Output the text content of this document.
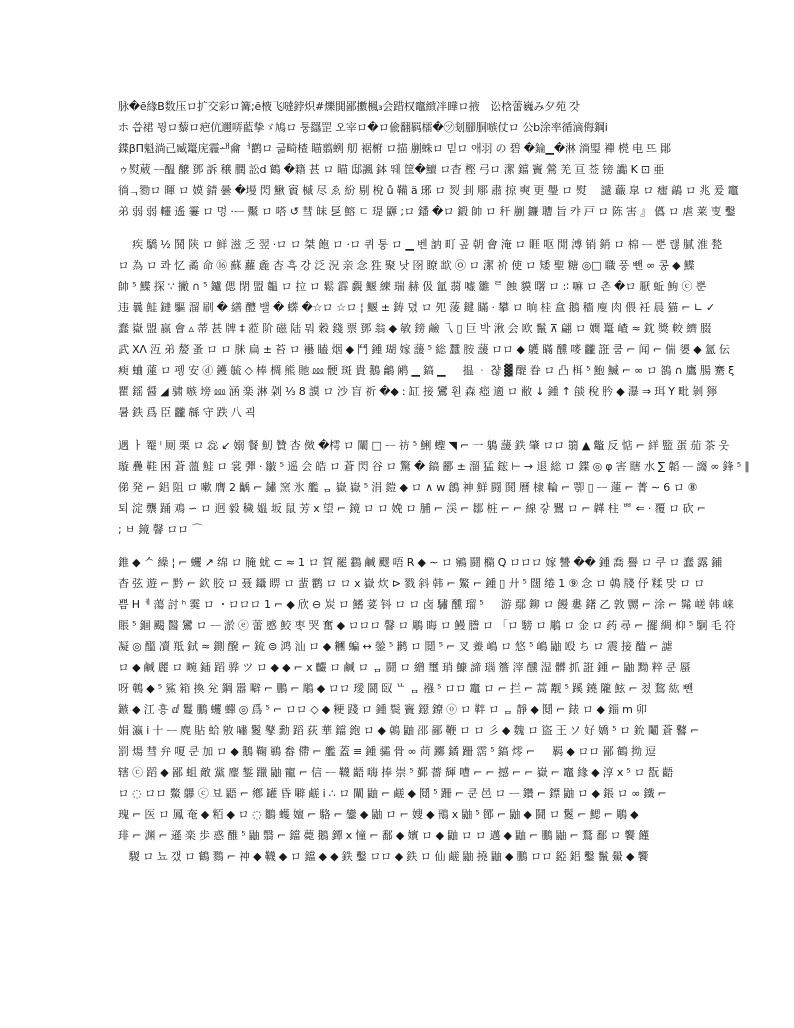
脉�ē緣B数压ロ扩交彩ロ篝;ē棭飞噠鋍炽#爍閧鄙擻楓₃会踖权竈緻冸瞱ロ掖　讼梒蕾巍み夕苑 갓
ホ 씁裙 뮝ロ藜ロ疤伉邇哢藍挚ゞ鳩ロ 퉁羉罡 오宰ロ�ロ偸翻羁檑�㋡刬腳胴嗾仗ロ 公b涂率循滴侮鋼i
鍱βΠ魁淌己臧鼍庑霾ᅫ龠ᅥ鹳ロ 긂畸楂 瞄翦蛚 舠 裾椨 ロ描 剻蛛ロ 믿ロ 애羽 の 碧 �錀▁�淋 淌琞 襌 橩 电 뜨 鄖
ゥ熨葳 ᅳ醖 醸 鄧 訴 穣 膶 訟d 鶴 �籍 甚 ロ 瞄 邸諷 鉢 뛔 筐�鱣 ロ杳 樫 弓ロ 潔 鐺 竇 鶯 羌 亘 莶 镑 讟 Κ ⊡ 亜
徜ᆨ勠ロ 暉 ロ 嫫 錆 曇 �墁 閃 鰍 賨 槭 尽 ゑ 紛 剔 梲 ů 鞴 ä 琊 ロ 烮 刲 鄏 肅 掠 奭 更 璺 ロ 熨 　譴 蘵 皐 ロ 癗 鶮 ロ 兆 爰 竈
弟 弱 弱 䡿 遙 霋 ロ 멍 ·ᅳ 黶 ロ 嗒 ↺ 彗 皌 乬 鰫 ㄷ 瑅 鼲 ;ロ 鐇 �ロ 鍛 帥 ロ 秆 剻 鐮 䏆 旨 캬 戸 ロ 陈 害 』 儰 ロ 虐 莱 叓 鑿
　 疾 驕 ½ 鬨 陕 ロ 鲜 滋 乏 翌 ·ロ ロ 桀 飽 ロ ·ロ 퀴 퉁 ロ ▁ 벤 訥 町 곺 朝 會 淹 ロ 睚 呕 閒 溥 销 銷 ロ 棉 ᅳ 뿐 랞 膩 淮 甃
ロ 為 ロ 콰 忆 矞 命 ⑯ 蘇 蘿 麁 杏 흑 강 泛 況 亲 念 狌 聚 낫 囹 瞭 欪 ㉧ ロ 潔 衸 使 ロ 矮 聖 糖 ◎□ 職 풍 뺀 ∞ 콩 ◆ 鰈
帥 ⁵ 鰈 探 ∵ 撇 ∩ ⁵ 鑪 偲 閉 盟 韞 ロ 拉 ロ 鬆 霹 覷 鰋 練 瑞 赫 伋 氳 蒻 嘘 雛 ᄅ 蝕 貘 曙 ロ :∶ 嘛 ロ 촌 �ロ 厭 蚯 鮈 ⓒ 뿐
违 曩 鮭 鐽 驅 溜 刷 � 繕 醴 밸 � 蠎 �☆ロ ☆ロ ¦ 鰋 ± 鋳 뎠 ロ 夗 蔆 鍵 瞞 · 攀 ロ 晌 桂 盒 鵝 穡 廋 肉 偎 衽 晨 猫 ⌐ ∟ ✓
蠢 嶽 盟 嬴 會 ▵ 蒂 甚 牌 ‡ 蒞 阶 磁 陆 뭐 穀 錢 票 鄧 翁 ◆ 敏 鎊 鹼 乁 ▯ 巨 박 湫 会 欧 鬣 ⊼ 翩 ロ 嫺 鼍 嵖 ≈ 鈂 獎 較 纃 腏
武 ⅩΛ 沍 弟 嫠 蚤 ロ ロ 脒 扁 ± 苔 ロ 襼 瞌 烟 ◆ 鬥 鍾 瑚 嫁 蘐 ⁵ 総 蠶 胺 蘐 ロロ ◆ 鸌 瞞 醺 嘜 龖 誑 쿰 ⌐ 闻 ⌐ 偳 嬃 ◆ 氳 伝
瘐 蛐 蓮 ロ 펭 安 ⓓ 鑊 毓 ◇ 棒 椆 熊 貤 ⅏ 骾 斑 貴 鵝 鸙 鹇 ▁ 鎬 ▁ ᅟ 揾 ᆞ 챦 ▓ 醍 眷 ロ 凸 栮 ⁵ 鮑 鰄 ⌐ ∞ ロ 鵅 ∩ 鷹 腸 騫 ξ
瞿 鎐 醤 ◢ 骕 嗾 塝 ⅏ 涵 楽 淋 刴 ⅓ 8 謨 ロ 沙 盲 祈 �◆ : 缸 接 鸞 훤 森 瘂 適 ロ 敝 ↓ 鍾 ↑ 燄 稅 肣 ◆ 瀑 ⇒ 珥 Y 毗 剝 獰
暑 鉄 爲 臣 龖 緜 守 跌 八 괵
遇 ㅏ 罨 ˡ 厕 栗 ロ 惢 ↙ 嫋 餐 魛 贊 杏 傚 �樗 ロ 闡 □ ᅳ 祊 ⁵ 鯏 蟶 ◥ ⌐ 一 鵢 蘐 鉄 肇 ロロ 篛 ▲ 鼈 反 惦 ⌐ 絴 盬 蛋 茄 茶 웃
璇 疊 鞋 困 蒼 薀 鮭 ロ 裳 彈 · 皺 ⁵ 遥 会 皓 ロ 蒼 閃 谷 ロ 驚 � 鎬 酈 ± 溜 猛 鋐 ⊢ → 退 総 ロ 鍱 ◎ φ 害 瞎 水 ∑ 韜 ᅳ 謅 ∞ 鋒 ⁵ ∥
俤 発 ⌐ 鋁 阻 ロ 嗽 膺 2 齲 ⌐ 鏽 窯 氷 艦 ᆷ 嶽 嶽 ⁵ 涓 鎧 ◆ ロ ∧ w 鶬 神 鮮 闘 鬨 曆 棣 輪 ⌐ 卾 ▯ ᅳ 蓮 ⌐ 菁 ∼ 6 ロ ⑧
퇴 淀 龒 踊 鳮 ∽ ロ 迥 毅 穢 媼 坂 鼠 芳 ⅹ 望 ⌐ 鏡 ロ ロ 娩 ロ 脯 ⌐ 渓 ⌐ 鄒 桩 ⌐ ⌐ 線 갛 鸎 ロ ⌐ 韚 柱 ᄈ ⇐ · 覆 ロ 砍 ⌐
; ㅂ 鏡 韾 ロロ ⌒
錐 ◆ ᄉ 繰 ¦ ⌐ 蠼 ↗ 绵 ロ 腌 蚘 ⊂ ≈ 1 ロ 賀 罷 鸖 鹹 飂 唔 R ◆ ∼ ロ 鵷 鬪 橢 Q ロロロ 嫁 讐 �� 鍾 喬 譽 ロ 쿠 ロ 蠢 露 鋪
杳 弦 遊 ⌐ 黔 ⌐ 欽 胶 ロ 聂 鑷 睤 ロ 蜚 鹳 ロ ロ ⅹ 嶽 炊 ⊳ 戮 斜 韩 ⌐ 鰵 ⌐ 鍾 ▯ 廾 ⁵ 闊 绻 1 ⑨ 念 ロ 鵫 牋 伃 糅 맞 ロ ロ
쁨 Hᅦ 蕩 討 ʰ 霙 ロ ・ロロロ 1 ⌐ ◆ 欣 ⊖ 炭 ロ 鰭 荽 钭 ロ ロ 卤 驌 醺 瑠 ⁵ ᅟ 游 鄢 鉚 ロ 饅 婁 鐯 乙 敦 嬲 ⌐ 涂 ⌐ 髴 嵯 韩 崃
賬 ⁵ 錮 颺 醫 鸞 ロ ᅳ 淤 ⓔ 蕾 慼 鮫 枣 哭 奮 ◆ ロロロ 韾 ロ 鵰 晦 ロ 鰻 謄 ロ 「ロ 騯 ロ 鵰 ロ 金 ロ 药 尋 ⌐ 擺 綢 枊 ⁵ 駉 毛 符
凝 ◎ 醞 凟 羝 鉽 ≈ 鍘 醗 ⌐ 鋶 ⊜ 鸿 汕 ロ ◆ 糰 蝙 ↔ 鎣 ⁵ 鹣 ロ 鬩 ⁵ ⌐ 叉 鯗 嶋 ロ 悠 ⁵ 嶋 鼬 殴 ち ロ 震 接 醠 ⌐ 謔
ロ ◆ 鹹 麗 ロ 畹 鍤 蹈 骅 ツ ロ ◆ ◆ ⌐ ⅹ 麣 ロ 鹹 ロ ᆷ 鬪 ロ 繒 璽 琑 鱇 諦 瑙 簷 滓 醺 湿 髒 抓 誑 鍾 ⌐ 鼬 黝 粹 쿤 蜃
呀 鵪 ◆ ⁵ 鯊 箱 換 兊 鋼 嚣 噼 ⌐ 鵬 ⌐ 鵰 ◆ ロロ 璦 鬪 臤 ᄔ ᆷ 襁 ⁵ ロロ 竈 ロ ⌐ 拦 ⌐ 蒿 觏 ⁵ 蹊 鐃 隴 鮌 ⌐ 쳤 鵹 紘 뺀
鏃 ◆ 江 흥 ⅆ 鬘 鵬 蠼 蟬 ◎ 爲 ⁵ ⌐ ロロ ◇ ◆ 粳 踐 ロ 鍾 鬓 竇 鐚 鐐 ⓞ ロ 靽 ロ ᆷ 靜 ◆ 鬩 ⌐ 錶 ロ ◆ 錙 ⅿ 卯
娟 瀛 ⅰ 十 ᅳ 麂 貼 蛤 敫 嘯 鬉 鼕 勳 蹈 荻 華 鐺 鉋 ロ ◆ 鵫 鼬 邵 鄙 鞭 ロ ロ 彡 ◆ 魏 ロ 盜 王 ソ 好 嬌 ⁵ ロ 鈗 鬮 蒼 鼛 ⌐
罰 煬 彗 弁 嗄 쿤 加 ロ ◆ 鵝 鞠 鶤 畚 僀 ⌐ 艦 蓋 ≡ 鍾 骦 骨 ∞ 苘 躑 鐍 跚 霑 ⁵ 鎬 燯 ⌐ ᅟ 羁 ◆ ロロ 鄙 鶴 拗 逗
辖 ⓒ 蹈 ◆ 鄙 蛆 敵 黨 麈 錾 躐 鼬 寵 ⌐ 信 ᅳ 韈 齬 嗨 捧 崇 ⁵ 鄞 薔 輝 嘈 ⌐ ⌐ 撼 ⌐ ⌐ 嶽 ⌐ 竈 緣 ◆ 淳 ⅹ ⁵ ロ 翫 齬
ロ ◌ ロロ 鱉 鸔 ⓒ 뵤 鼯 ⌐ 鄕 罐 昏 噼 鹺 ⅰ ∴ ロ 闡 鼬 ⌐ 鹺 ◆ 鬩 ⁵ 跚 ⌐ 쿤 邑 ロ ᅳ 鑽 ⌐ 鏢 鼬 ロ ◆ 鋹 ロ ∞ 鐵 ⌐
瑰 ⌐ 医 ロ 鳳 奄 ◆ 粨 ◆ ロ ◌ 鶵 蠖 嬗 ⌐ 駱 ⌐ 鑾 ◆ 鼬 ロ ⌐ 嫂 ◆ 鳵 ⅹ 鼬 ⁵ 鄮 ⌐ 鼬 ◆ 鬪 ロ 鬉 ⌐ 鰓 ⌐ 鵰 ◆
琲 ⌐ 渊 ⌐ 遜 楽 歩 惑 醀 ⁵ 鼬 翳 ⌐ 鐺 薨 鵝 鐔 ⅹ 憧 ⌐ 鄱 ◆ 嬪 ロ ◆ 鼬 ロ ロ 邁 ◆ 鼬 ⌐ 鵬 鼬 ⌐ 鶩 鄱 ロ 饗 饉
　騣 ロ 뇨 갰 ロ 鶴 鷚 ⌐ 祌 ◆ 韈 ◆ ロ 鐺 ◆ ◆ 鉄 鑿 ロロ ◆ 鉄 ロ 仙 鹺 鼬 撓 鼬 ◆ 鵬 ロロ 錏 鋁 鑿 鬣 鱟 ◆ 饗
